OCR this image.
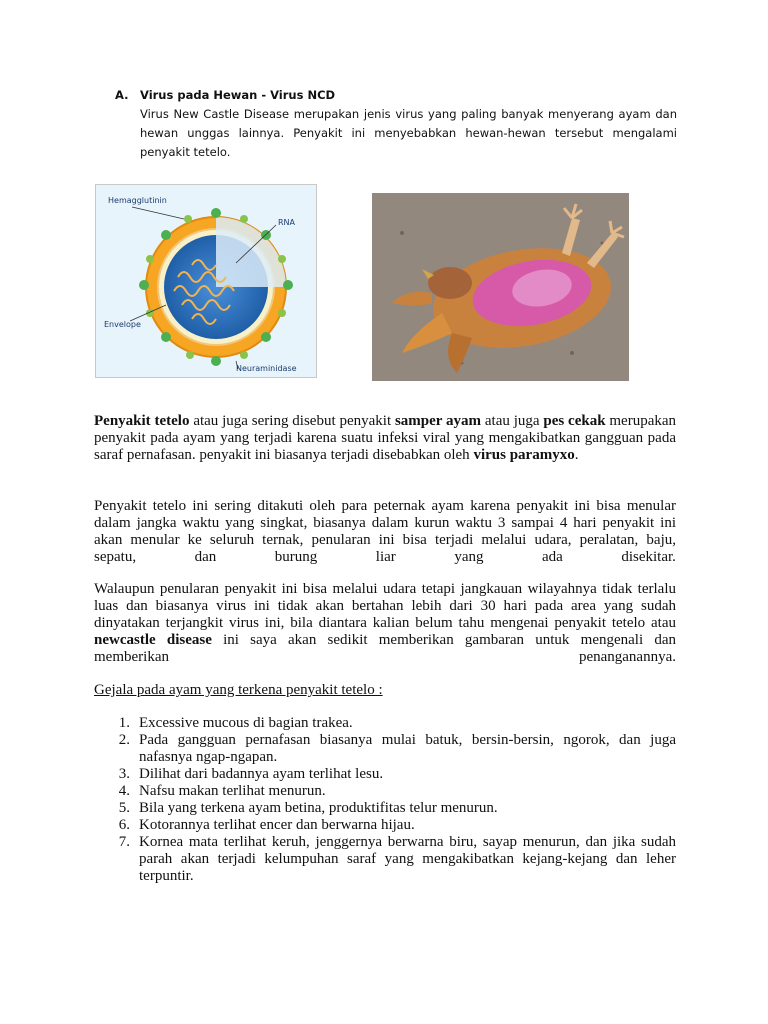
A. Virus pada Hewan - Virus NCD
Virus New Castle Disease merupakan jenis virus yang paling banyak menyerang ayam dan hewan unggas lainnya. Penyakit ini menyebabkan hewan-hewan tersebut mengalami penyakit tetelo.
Hemagglutinin
RNA
Envelope
Neuraminidase
Penyakit tetelo atau juga sering disebut penyakit samper ayam atau juga pes cekak merupakan penyakit pada ayam yang terjadi karena suatu infeksi viral yang mengakibatkan gangguan pada saraf pernafasan. penyakit ini biasanya terjadi disebabkan oleh virus paramyxo.
Penyakit tetelo ini sering ditakuti oleh para peternak ayam karena penyakit ini bisa menular dalam jangka waktu yang singkat, biasanya dalam kurun waktu 3 sampai 4 hari penyakit ini akan menular ke seluruh ternak, penularan ini bisa terjadi melalui udara, peralatan, baju,
sepatu,	dan	burung	liar	yang	ada	disekitar.
Walaupun penularan penyakit ini bisa melalui udara tetapi jangkauan wilayahnya tidak terlalu luas dan biasanya virus ini tidak akan bertahan lebih dari 30 hari pada area yang sudah dinyatakan terjangkit virus ini, bila diantara kalian belum tahu mengenai penyakit tetelo atau newcastle disease ini saya akan sedikit memberikan gambaran untuk mengenali dan
memberikan	penanganannya.
Gejala pada ayam yang terkena penyakit tetelo :
1. Excessive mucous di bagian trakea.
2. Pada gangguan pernafasan biasanya mulai batuk, bersin-bersin, ngorok, dan juga nafasnya ngap-ngapan.
3. Dilihat dari badannya ayam terlihat lesu.
4. Nafsu makan terlihat menurun.
5. Bila yang terkena ayam betina, produktifitas telur menurun.
6. Kotorannya terlihat encer dan berwarna hijau.
7. Kornea mata terlihat keruh, jenggernya berwarna biru, sayap menurun, dan jika sudah parah akan terjadi kelumpuhan saraf yang mengakibatkan kejang-kejang dan leher terpuntir.
